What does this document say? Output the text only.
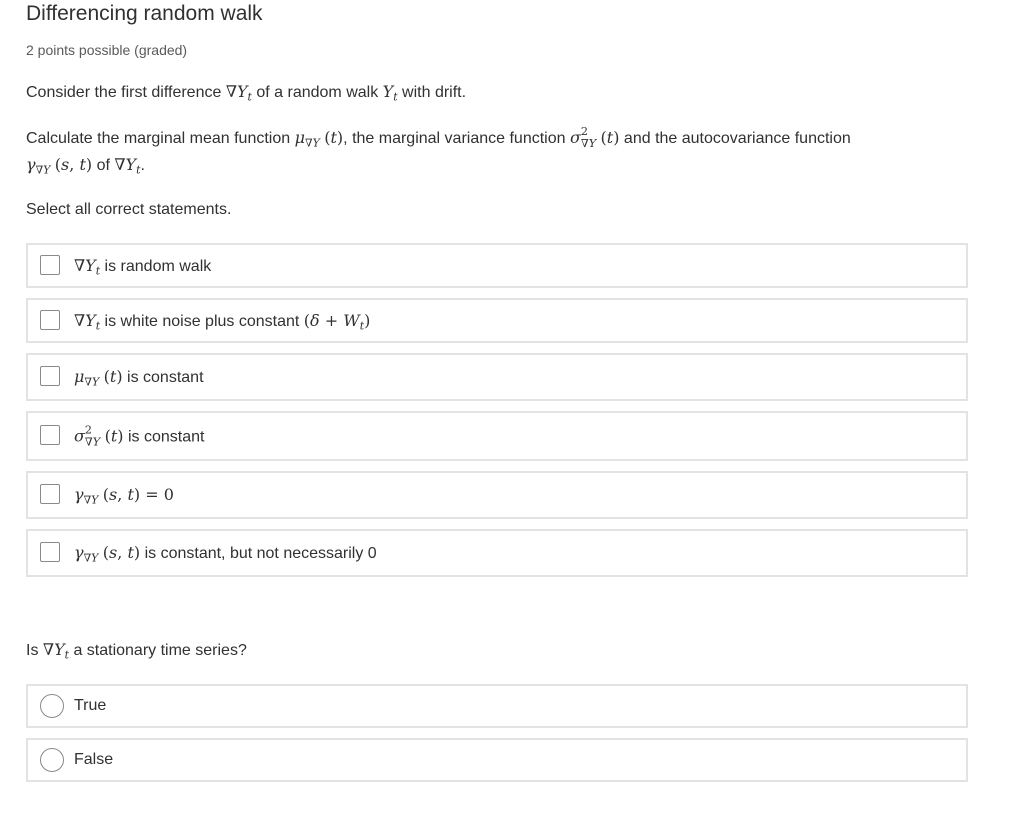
Differencing random walk
2 points possible (graded)
Consider the first difference $\nabla Y_t$ of a random walk $Y_t$ with drift.
Calculate the marginal mean function $\mu_{\nabla Y}$ (t), the marginal variance function σ 2
∇Y (t) and the autocovariance function
$\gamma_{\nabla Y}$ (s, t) of $\nabla Y_t$.
Select all correct statements.
$\nabla Y_t$ is random walk
$\nabla Y_t$ is white noise plus constant $(\delta + W_t)$
$\mu_{\nabla Y}$ (t) is constant
σ 2
∇Y (t) is constant
$\gamma_{\nabla Y}$ (s, t) = 0
$\gamma_{\nabla Y}$ (s, t) is constant, but not necessarily 0
Is $\nabla Y_t$ a stationary time series?
True
False
